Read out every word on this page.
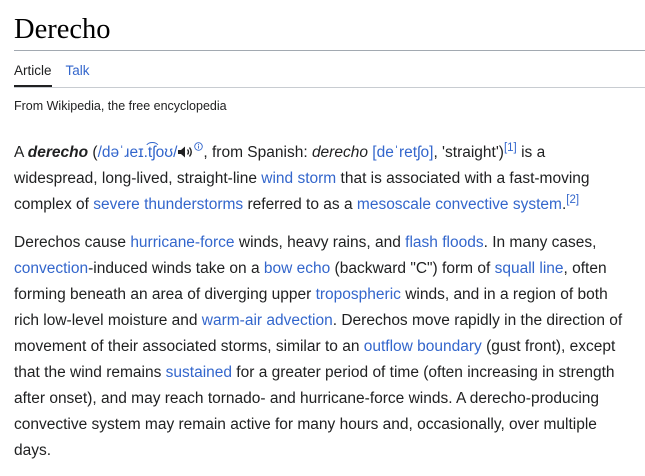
Derecho
Article Talk
From Wikipedia, the free encyclopedia

A derecho (/dəˈɹeɪ.t͡ʃoʊ/ , from Spanish: derecho [deˈretʃo], 'straight')[1] is a widespread, long-lived, straight-line wind storm that is associated with a fast-moving complex of severe thunderstorms referred to as a mesoscale convective system.[2]

Derechos cause hurricane-force winds, heavy rains, and flash floods. In many cases, convection-induced winds take on a bow echo (backward "C") form of squall line, often forming beneath an area of diverging upper tropospheric winds, and in a region of both rich low-level moisture and warm-air advection. Derechos move rapidly in the direction of movement of their associated storms, similar to an outflow boundary (gust front), except that the wind remains sustained for a greater period of time (often increasing in strength after onset), and may reach tornado- and hurricane-force winds. A derecho-producing convective system may remain active for many hours and, occasionally, over multiple days.
